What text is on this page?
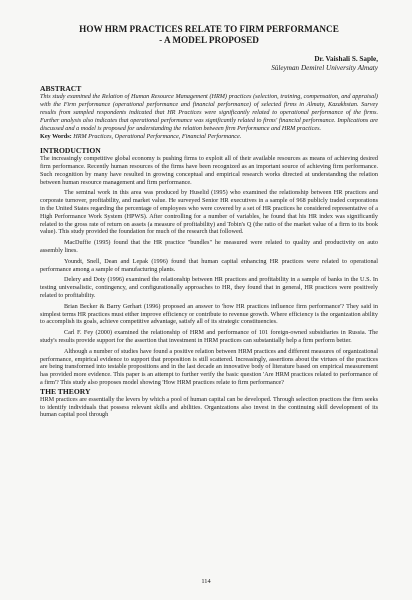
HOW HRM PRACTICES RELATE TO FIRM PERFORMANCE

- A MODEL PROPOSED

Dr. Vaishali S. Saple,
Süleyman Demirel University Almaty

ABSTRACT

This study examined the Relation of Human Resource Management (HRM) practices (selection, training, compensation, and appraisal) with the Firm performance (operational performance and financial performance) of selected firms in Almaty, Kazakhstan. Survey results from sampled respondents indicated that HR Practices were significantly related to operational performance of the firms. Further analysis also indicates that operational performance was significantly related to firms' financial performance. Implications are discussed and a model is proposed for understanding the relation between firm Performance and HRM practices.

Key Words: HRM Practices, Operational Performance, Financial Performance.

INTRODUCTION

The increasingly competitive global economy is pushing firms to exploit all of their available resources as means of achieving desired firm performance. Recently human resources of the firms have been recognized as an important source of achieving firm performance. Such recognition by many have resulted in growing conceptual and empirical research works directed at understanding the relation between human resource management and firm performance.

The seminal work in this area was produced by Huselid (1995) who examined the relationship between HR practices and corporate turnover, profitability, and market value. He surveyed Senior HR executives in a sample of 968 publicly traded corporations in the United States regarding the percentage of employees who were covered by a set of HR practices he considered representative of a High Performance Work System (HPWS). After controlling for a number of variables, he found that his HR index was significantly related to the gross rate of return on assets (a measure of profitability) and Tobin's Q (the ratio of the market value of a firm to its book value). This study provided the foundation for much of the research that followed.

MacDuffie (1995) found that the HR practice "bundles" he measured were related to quality and productivity on auto assembly lines.

Youndt, Snell, Dean and Lepak (1996) found that human capital enhancing HR practices were related to operational performance among a sample of manufacturing plants.

Delery and Doty (1996) examined the relationship between HR practices and profitability in a sample of banks in the U.S. In testing universalistic, contingency, and configurationally approaches to HR, they found that in general, HR practices were positively related to profitability.

Brian Becker & Barry Gerhart (1996) proposed an answer to 'how HR practices influence firm performance'? They said in simplest terms HR practices must either improve efficiency or contribute to revenue growth. Where efficiency is the organization ability to accomplish its goals, achieve competitive advantage, satisfy all of its strategic constituencies.

Carl F. Fey (2000) examined the relationship of HRM and performance of 101 foreign-owned subsidiaries in Russia. The study's results provide support for the assertion that investment in HRM practices can substantially help a firm perform better.

Although a number of studies have found a positive relation between HRM practices and different measures of organizational performance, empirical evidence to support that proposition is still scattered. Increasingly, assertions about the virtues of the practices are being transformed into testable propositions and in the last decade an innovative body of literature based on empirical measurement has provided more evidence. This paper is an attempt to further verify the basic question 'Are HRM practices related to performance of a firm'? This study also proposes model showing 'How HRM practices relate to firm performance?

THE THEORY

HRM practices are essentially the levers by which a pool of human capital can be developed. Through selection practices the firm seeks to identify individuals that possess relevant skills and abilities. Organizations also invest in the continuing skill development of its human capital pool through

114
